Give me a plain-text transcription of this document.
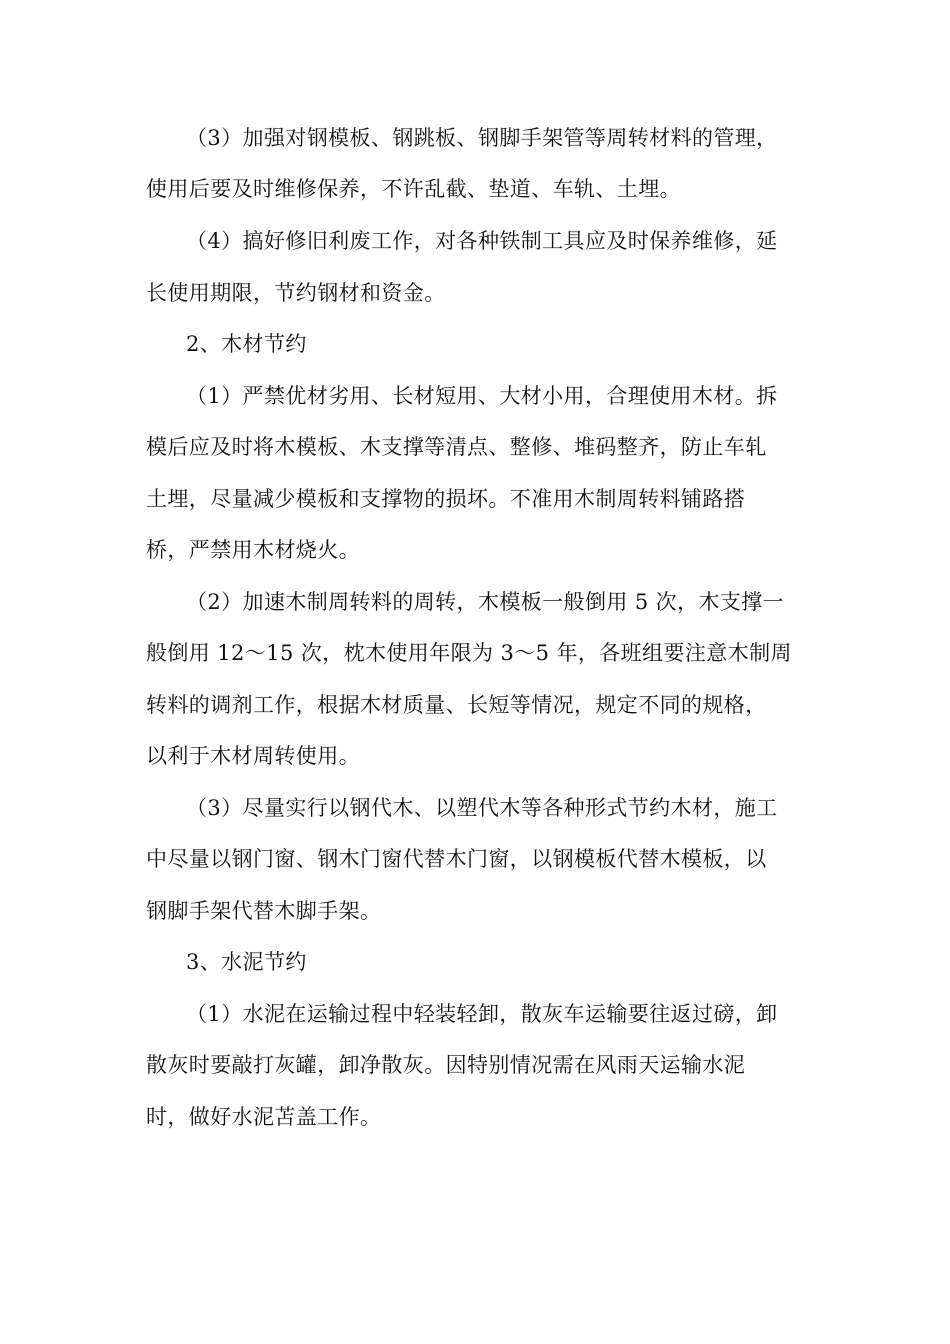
（3）加强对钢模板、钢跳板、钢脚手架管等周转材料的管理，
使用后要及时维修保养，不许乱截、垫道、车轨、土埋。
（4）搞好修旧利废工作，对各种铁制工具应及时保养维修，延
长使用期限，节约钢材和资金。
2、木材节约
（1）严禁优材劣用、长材短用、大材小用，合理使用木材。拆
模后应及时将木模板、木支撑等清点、整修、堆码整齐，防止车轧
土埋，尽量减少模板和支撑物的损坏。不准用木制周转料铺路搭
桥，严禁用木材烧火。
（2）加速木制周转料的周转，木模板一般倒用 5 次，木支撑一
般倒用 12～15 次，枕木使用年限为 3～5 年，各班组要注意木制周
转料的调剂工作，根据木材质量、长短等情况，规定不同的规格，
以利于木材周转使用。
（3）尽量实行以钢代木、以塑代木等各种形式节约木材，施工
中尽量以钢门窗、钢木门窗代替木门窗，以钢模板代替木模板，以
钢脚手架代替木脚手架。
3、水泥节约
（1）水泥在运输过程中轻装轻卸，散灰车运输要往返过磅，卸
散灰时要敲打灰罐，卸净散灰。因特别情况需在风雨天运输水泥
时，做好水泥苫盖工作。
